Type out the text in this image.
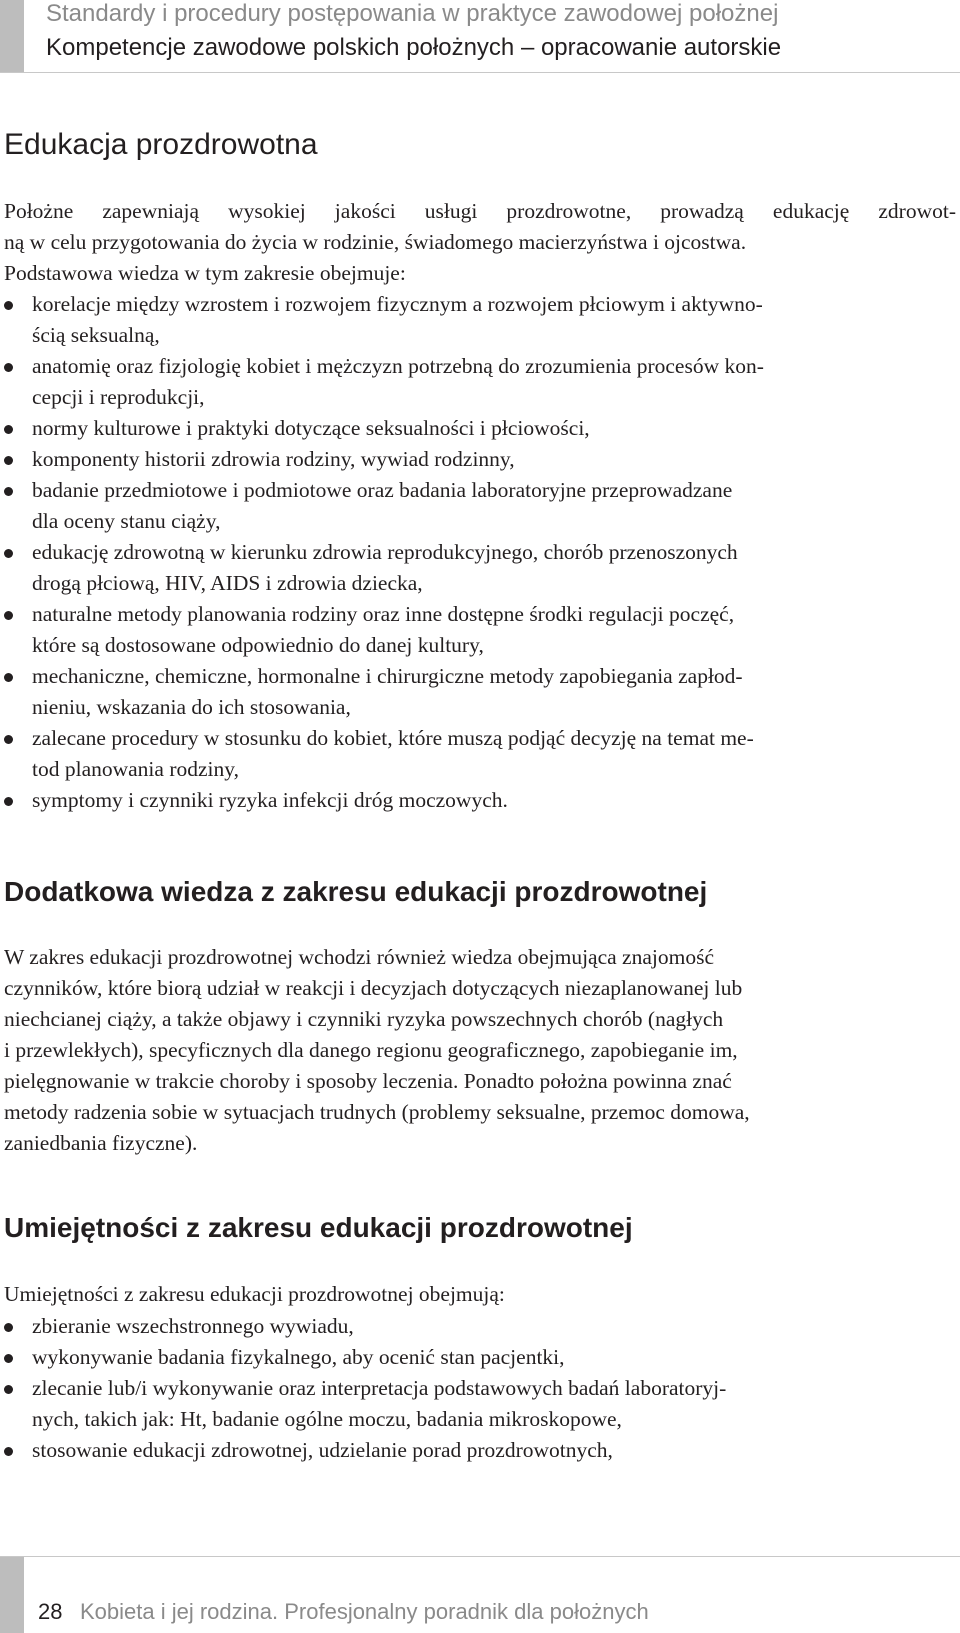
Standardy i procedury postępowania w praktyce zawodowej położnej
Kompetencje zawodowe polskich położnych – opracowanie autorskie
Edukacja prozdrowotna

Położne zapewniają wysokiej jakości usługi prozdrowotne, prowadzą edukację zdrowot-
ną w celu przygotowania do życia w rodzinie, świadomego macierzyństwa i ojcostwa.
Podstawowa wiedza w tym zakresie obejmuje:

korelacje między wzrostem i rozwojem fizycznym a rozwojem płciowym i aktywno-
ścią seksualną,
anatomię oraz fizjologię kobiet i mężczyzn potrzebną do zrozumienia procesów kon-
cepcji i reprodukcji,
normy kulturowe i praktyki dotyczące seksualności i płciowości,
komponenty historii zdrowia rodziny, wywiad rodzinny,
badanie przedmiotowe i podmiotowe oraz badania laboratoryjne przeprowadzane
dla oceny stanu ciąży,
edukację zdrowotną w kierunku zdrowia reprodukcyjnego, chorób przenoszonych
drogą płciową, HIV, AIDS i zdrowia dziecka,
naturalne metody planowania rodziny oraz inne dostępne środki regulacji poczęć,
które są dostosowane odpowiednio do danej kultury,
mechaniczne, chemiczne, hormonalne i chirurgiczne metody zapobiegania zapłod-
nieniu, wskazania do ich stosowania,
zalecane procedury w stosunku do kobiet, które muszą podjąć decyzję na temat me-
tod planowania rodziny,
symptomy i czynniki ryzyka infekcji dróg moczowych.
Dodatkowa wiedza z zakresu edukacji prozdrowotnej

W zakres edukacji prozdrowotnej wchodzi również wiedza obejmująca znajomość
czynników, które biorą udział w reakcji i decyzjach dotyczących niezaplanowanej lub
niechcianej ciąży, a także objawy i czynniki ryzyka powszechnych chorób (nagłych
i przewlekłych), specyficznych dla danego regionu geograficznego, zapobieganie im,
pielęgnowanie w trakcie choroby i sposoby leczenia. Ponadto położna powinna znać
metody radzenia sobie w sytuacjach trudnych (problemy seksualne, przemoc domowa,
zaniedbania fizyczne).

Umiejętności z zakresu edukacji prozdrowotnej

Umiejętności z zakresu edukacji prozdrowotnej obejmują:

zbieranie wszechstronnego wywiadu,
wykonywanie badania fizykalnego, aby ocenić stan pacjentki,
zlecanie lub/i wykonywanie oraz interpretacja podstawowych badań laboratoryj-
nych, takich jak: Ht, badanie ogólne moczu, badania mikroskopowe,
stosowanie edukacji zdrowotnej, udzielanie porad prozdrowotnych,
28 Kobieta i jej rodzina. Profesjonalny poradnik dla położnych
